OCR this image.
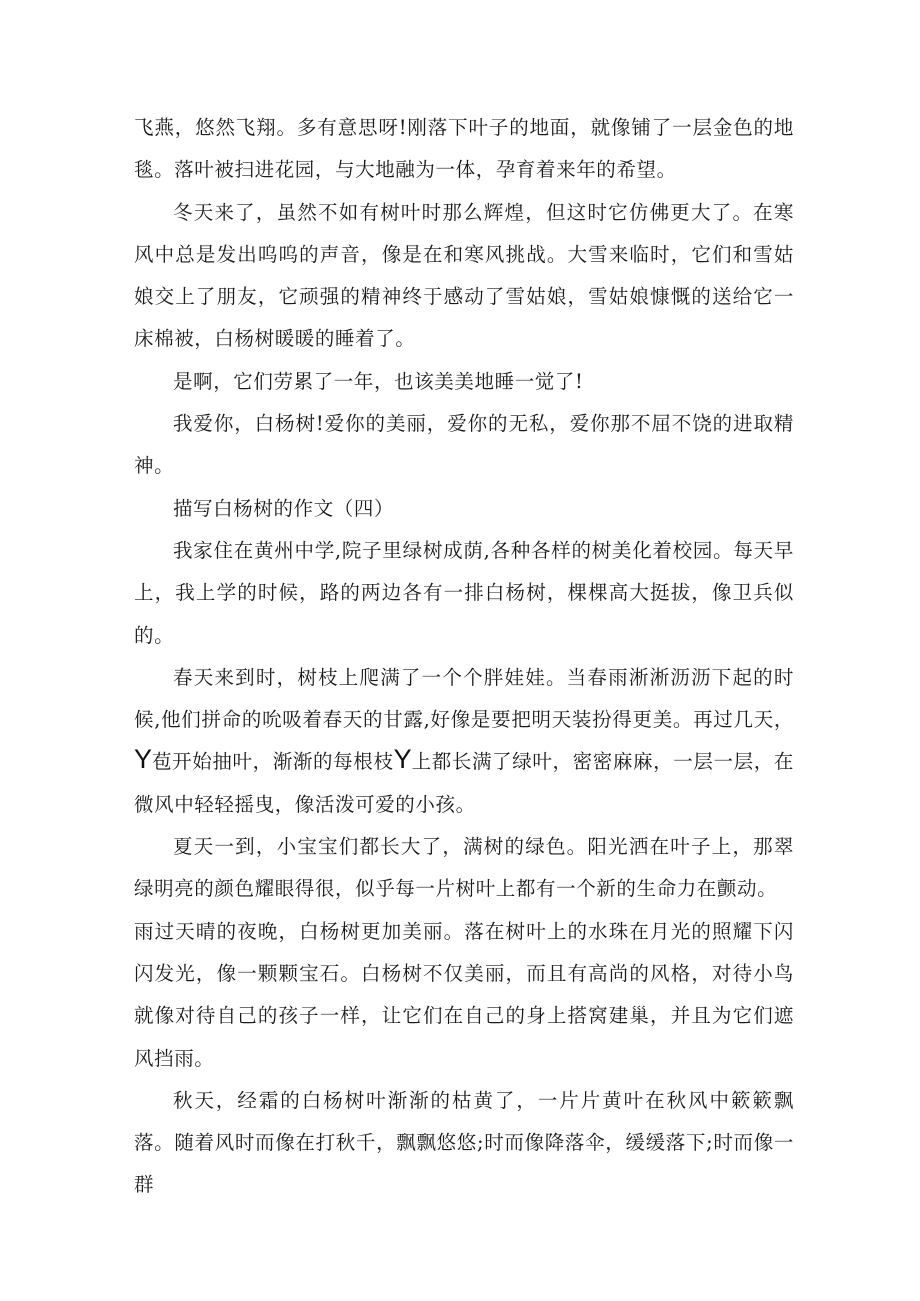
飞燕，悠然飞翔。多有意思呀!刚落下叶子的地面，就像铺了一层金色的地毯。落叶被扫进花园，与大地融为一体，孕育着来年的希望。

冬天来了，虽然不如有树叶时那么辉煌，但这时它仿佛更大了。在寒风中总是发出呜呜的声音，像是在和寒风挑战。大雪来临时，它们和雪姑娘交上了朋友，它顽强的精神终于感动了雪姑娘，雪姑娘慷慨的送给它一床棉被，白杨树暖暖的睡着了。

是啊，它们劳累了一年，也该美美地睡一觉了!

我爱你，白杨树!爱你的美丽，爱你的无私，爱你那不屈不饶的进取精神。

描写白杨树的作文（四）

我家住在黄州中学,院子里绿树成荫,各种各样的树美化着校园。每天早上，我上学的时候，路的两边各有一排白杨树，棵棵高大挺拔，像卫兵似的。

春天来到时，树枝上爬满了一个个胖娃娃。当春雨淅淅沥沥下起的时候,他们拼命的吮吸着春天的甘露,好像是要把明天装扮得更美。再过几天，Y苞开始抽叶，渐渐的每根枝Y上都长满了绿叶，密密麻麻，一层一层，在微风中轻轻摇曳，像活泼可爱的小孩。

夏天一到，小宝宝们都长大了，满树的绿色。阳光洒在叶子上，那翠绿明亮的颜色耀眼得很，似乎每一片树叶上都有一个新的生命力在颤动。

雨过天晴的夜晚，白杨树更加美丽。落在树叶上的水珠在月光的照耀下闪闪发光，像一颗颗宝石。白杨树不仅美丽，而且有高尚的风格，对待小鸟就像对待自己的孩子一样，让它们在自己的身上搭窝建巢，并且为它们遮风挡雨。

秋天，经霜的白杨树叶渐渐的枯黄了，一片片黄叶在秋风中簌簌飘落。随着风时而像在打秋千，飘飘悠悠;时而像降落伞，缓缓落下;时而像一群
